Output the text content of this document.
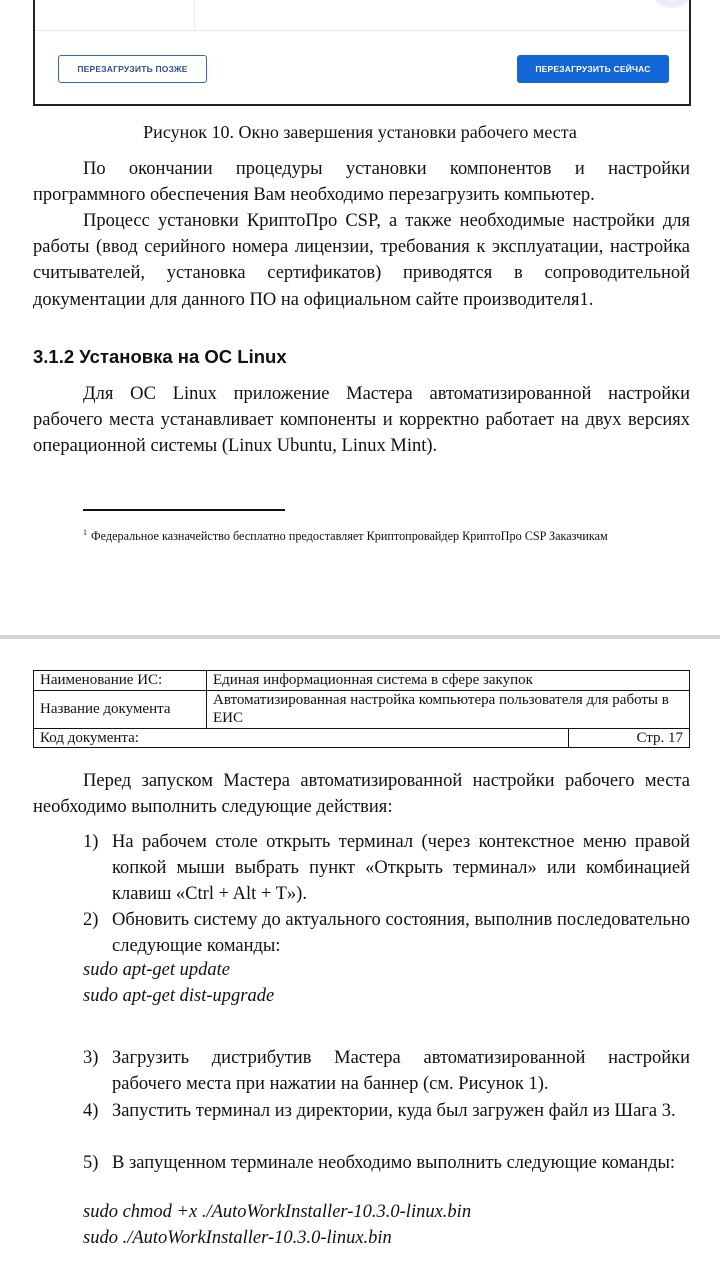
ПЕРЕЗАГРУЗИТЬ ПОЗЖЕ	ПЕРЕЗАГРУЗИТЬ СЕЙЧАС
Рисунок 10. Окно завершения установки рабочего места
По окончании процедуры установки компонентов и настройки программного обеспечения Вам необходимо перезагрузить компьютер.
Процесс установки КриптоПро CSP, а также необходимые настройки для работы (ввод серийного номера лицензии, требования к эксплуатации, настройка считывателей, установка сертификатов) приводятся в сопроводительной документации для данного ПО на официальном сайте производителя1.
3.1.2 Установка на ОС Linux
Для ОС Linux приложение Мастера автоматизированной настройки рабочего места устанавливает компоненты и корректно работает на двух версиях операционной системы (Linux Ubuntu, Linux Mint).
$^1$ Федеральное казначейство бесплатно предоставляет Криптопровайдер КриптоПро CSP Заказчикам
Наименование ИС:	Единая информационная система в сфере закупок	
Название документа	Автоматизированная настройка компьютера пользователя для работы в ЕИС	
Код документа:		Стр. 17
Перед запуском Мастера автоматизированной настройки рабочего места необходимо выполнить следующие действия:
1) На рабочем столе открыть терминал (через контекстное меню правой копкой мыши выбрать пункт «Открыть терминал» или комбинацией клавиш «Ctrl + Alt + T»).
2) Обновить систему до актуального состояния, выполнив последовательно следующие команды:
sudo apt-get update
sudo apt-get dist-upgrade
3) Загрузить дистрибутив Мастера автоматизированной настройки рабочего места при нажатии на баннер (см. Рисунок 1).
4) Запустить терминал из директории, куда был загружен файл из Шага 3.
5) В запущенном терминале необходимо выполнить следующие команды:
sudo chmod +x ./AutoWorkInstaller-10.3.0-linux.bin
sudo ./AutoWorkInstaller-10.3.0-linux.bin
